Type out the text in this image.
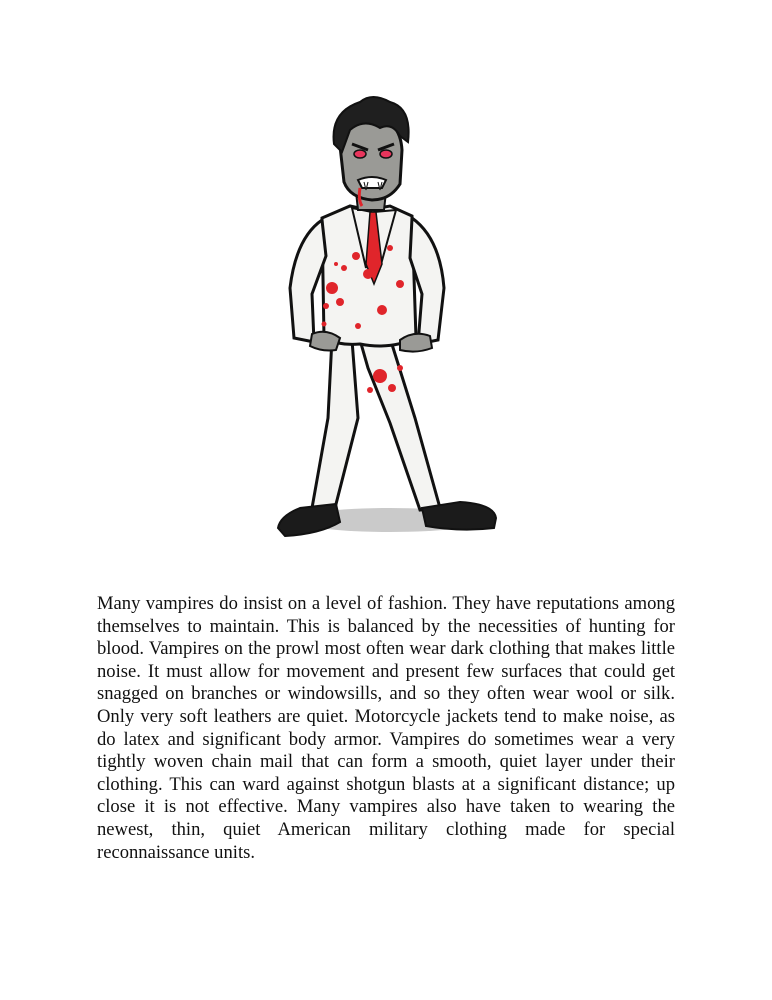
Many vampires do insist on a level of fashion. They have reputations among themselves to maintain. This is balanced by the necessities of hunting for blood. Vampires on the prowl most often wear dark clothing that makes little noise. It must allow for movement and present few surfaces that could get snagged on branches or windowsills, and so they often wear wool or silk. Only very soft leathers are quiet. Motorcycle jackets tend to make noise, as do latex and significant body armor. Vampires do sometimes wear a very tightly woven chain mail that can form a smooth, quiet layer under their clothing. This can ward against shotgun blasts at a significant distance; up close it is not effective. Many vampires also have taken to wearing the newest, thin, quiet American military clothing made for special reconnaissance units.
